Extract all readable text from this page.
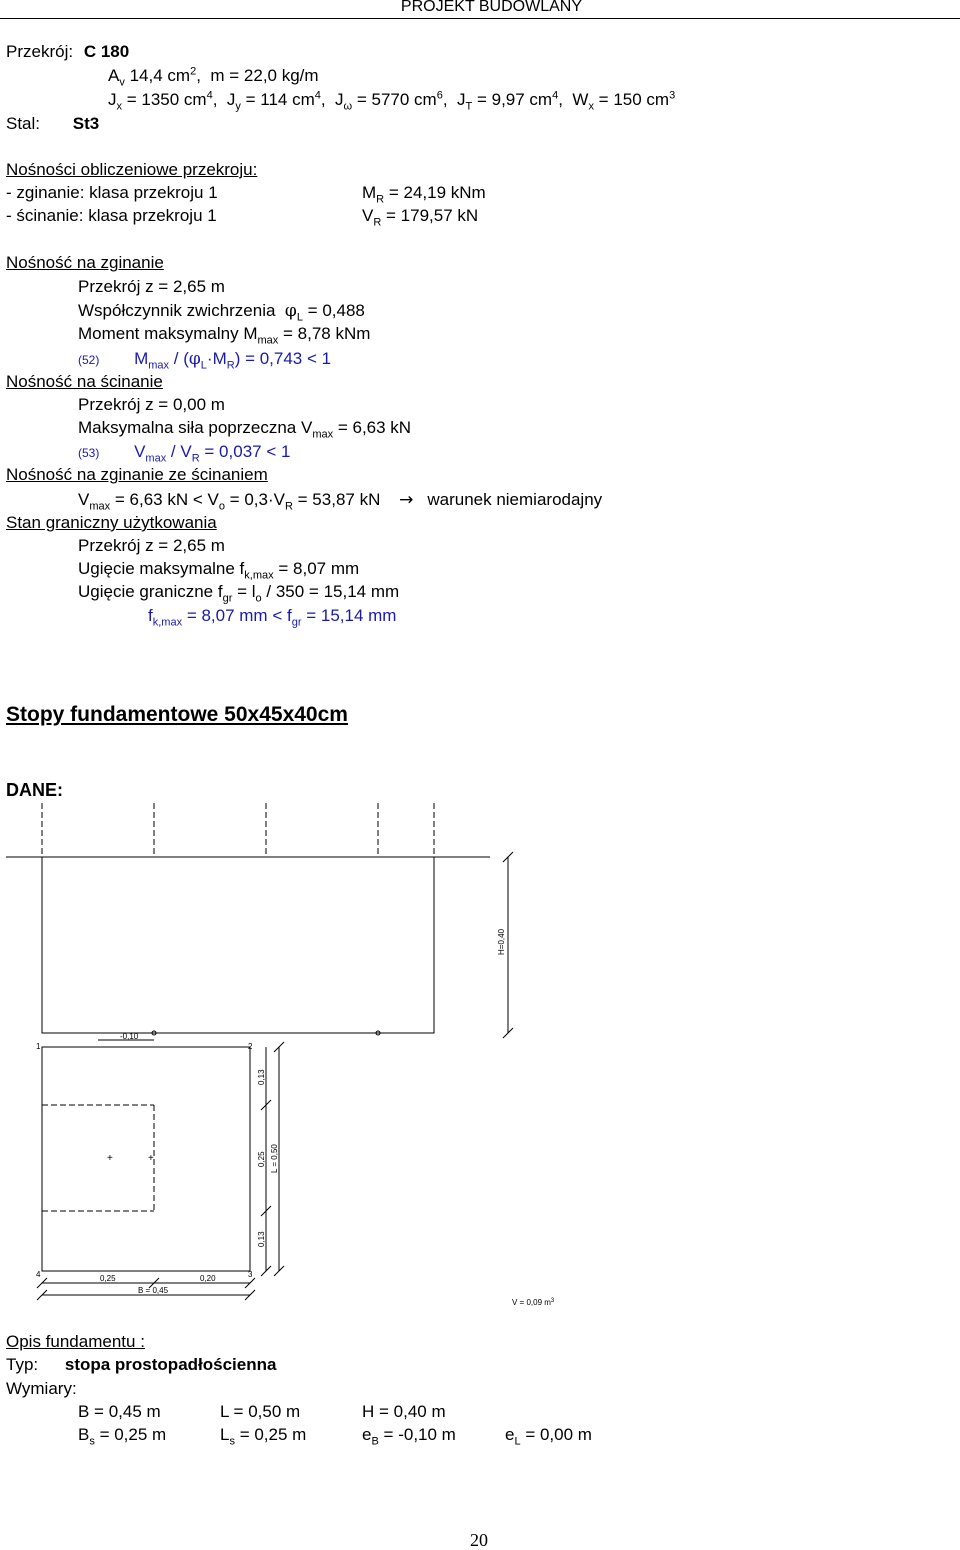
PROJEKT BUDOWLANY
Przekrój: C 180
$A_v$ 14,4 $cm^2$,  m = 22,0 kg/m
$J_x = 1350$ $cm^4$,  $J_y = 114$ $cm^4$,  $J_\omega = 5770$ $cm^6$,  $J_T = 9,97$ $cm^4$,  $W_x = 150$ $cm^3$
Stal: St3
Nośności obliczeniowe przekroju:
- zginanie: klasa przekroju 1	$M_R = 24,19$ kNm
- ścinanie: klasa przekroju 1	$V_R = 179,57$ kN
Nośność na zginanie
Przekrój z = 2,65 m
Współczynnik zwichrzenia $\varphi_L = 0,488$
Moment maksymalny $M_{max} = 8,78$ kNm
(52) $M_{max} / (\varphi_L\cdot M_R) = 0,743 < 1$
Nośność na ścinanie
Przekrój z = 0,00 m
Maksymalna siła poprzeczna $V_{max} = 6,63$ kN
(53) $V_{max} / V_R = 0,037 < 1$
Nośność na zginanie ze ścinaniem
$V_{max} = 6,63$ kN < $V_o = 0,3\cdot V_R = 53,87$ kN → warunek niemiarodajny
Stan graniczny użytkowania
Przekrój z = 2,65 m
Ugięcie maksymalne $f_{k,max} = 8,07$ mm
Ugięcie graniczne $f_{gr} = l_o / 350 = 15,14$ mm
$f_{k,max} = 8,07$ mm < $f_{gr} = 15,14$ mm
Stopy fundamentowe 50x45x40cm
DANE:
+	+
H=0,40
-0,10
1	2
3
4
0,13
0,25
0,13
L = 0,50
0,25	0,20
B = 0,45
V = 0,09 $m^3$
Opis fundamentu :
Typ: stopa prostopadłościenna
Wymiary:
B = 0,45 m	L = 0,50 m	H = 0,40 m
$B_s = 0,25$ m	$L_s = 0,25$ m	$e_B = -0,10$ m	$e_L = 0,00$ m
20
